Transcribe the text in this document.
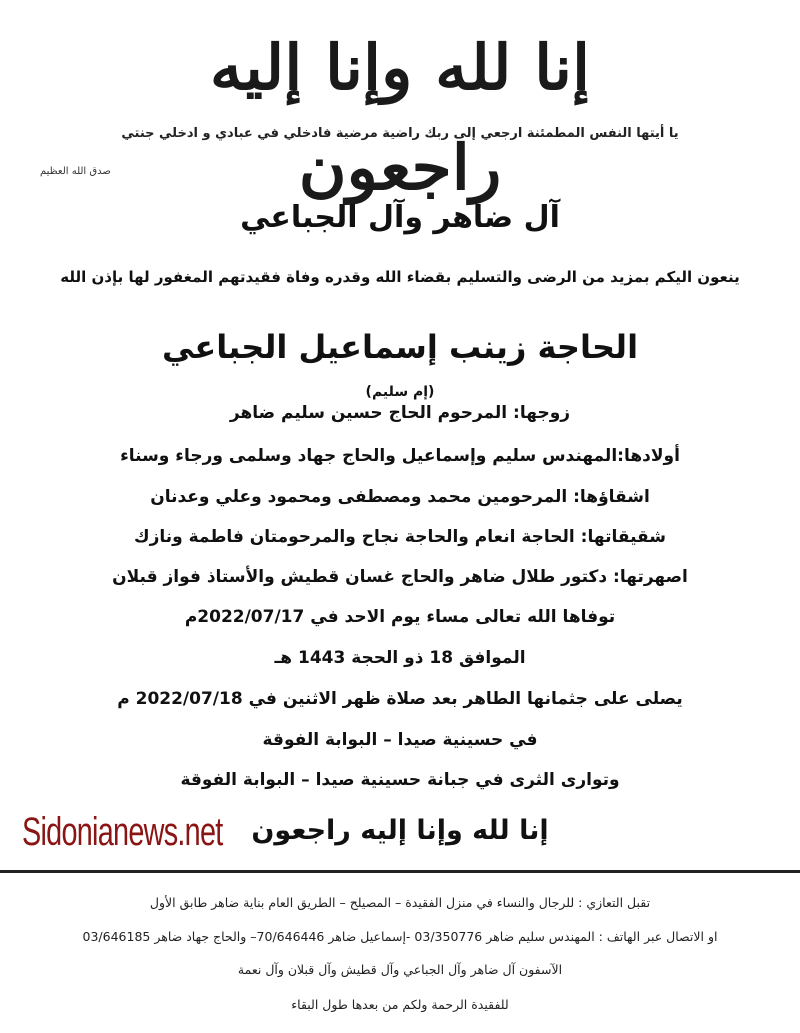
إنا لله وإنا إليه راجعون
يا أيتها النفس المطمئنة ارجعي إلى ربك راضية مرضية فادخلي في عبادي و ادخلي جنتي
صدق الله العظيم
آل ضاهر وآل الجباعي
ينعون اليكم بمزيد من الرضى والتسليم بقضاء الله وقدره وفاة فقيدتهم المغفور لها بإذن الله
الحاجة زينب إسماعيل الجباعي (إم سليم)
زوجها: المرحوم الحاج حسين سليم ضاهر
أولادها:المهندس سليم وإسماعيل والحاج جهاد وسلمى ورجاء وسناء
اشقاؤها: المرحومين محمد ومصطفى ومحمود وعلي وعدنان
شقيقاتها: الحاجة انعام والحاجة نجاح والمرحومتان فاطمة ونازك
اصهرتها: دكتور طلال ضاهر والحاج غسان قطيش والأستاذ فواز قبلان
توفاها الله تعالى مساء يوم الاحد في 2022/07/17م
الموافق 18 ذو الحجة 1443 هـ
يصلى على جثمانها الطاهر بعد صلاة ظهر الاثنين في 2022/07/18 م
في حسينية صيدا – البوابة الفوقة
وتوارى الثرى في جبانة حسينية صيدا – البوابة الفوقة
إنا لله وإنا إليه راجعون
Sidonianews.net
تقبل التعازي : للرجال والنساء في منزل الفقيدة – المصيلح – الطريق العام بناية ضاهر طابق الأول
او الاتصال عبر الهاتف : المهندس سليم ضاهر 03/350776 -إسماعيل ضاهر 70/646446– والحاج جهاد ضاهر 03/646185
الآسفون آل ضاهر وآل الجباعي وآل قطيش وآل قبلان وآل نعمة
للفقيدة الرحمة ولكم من بعدها طول البقاء
